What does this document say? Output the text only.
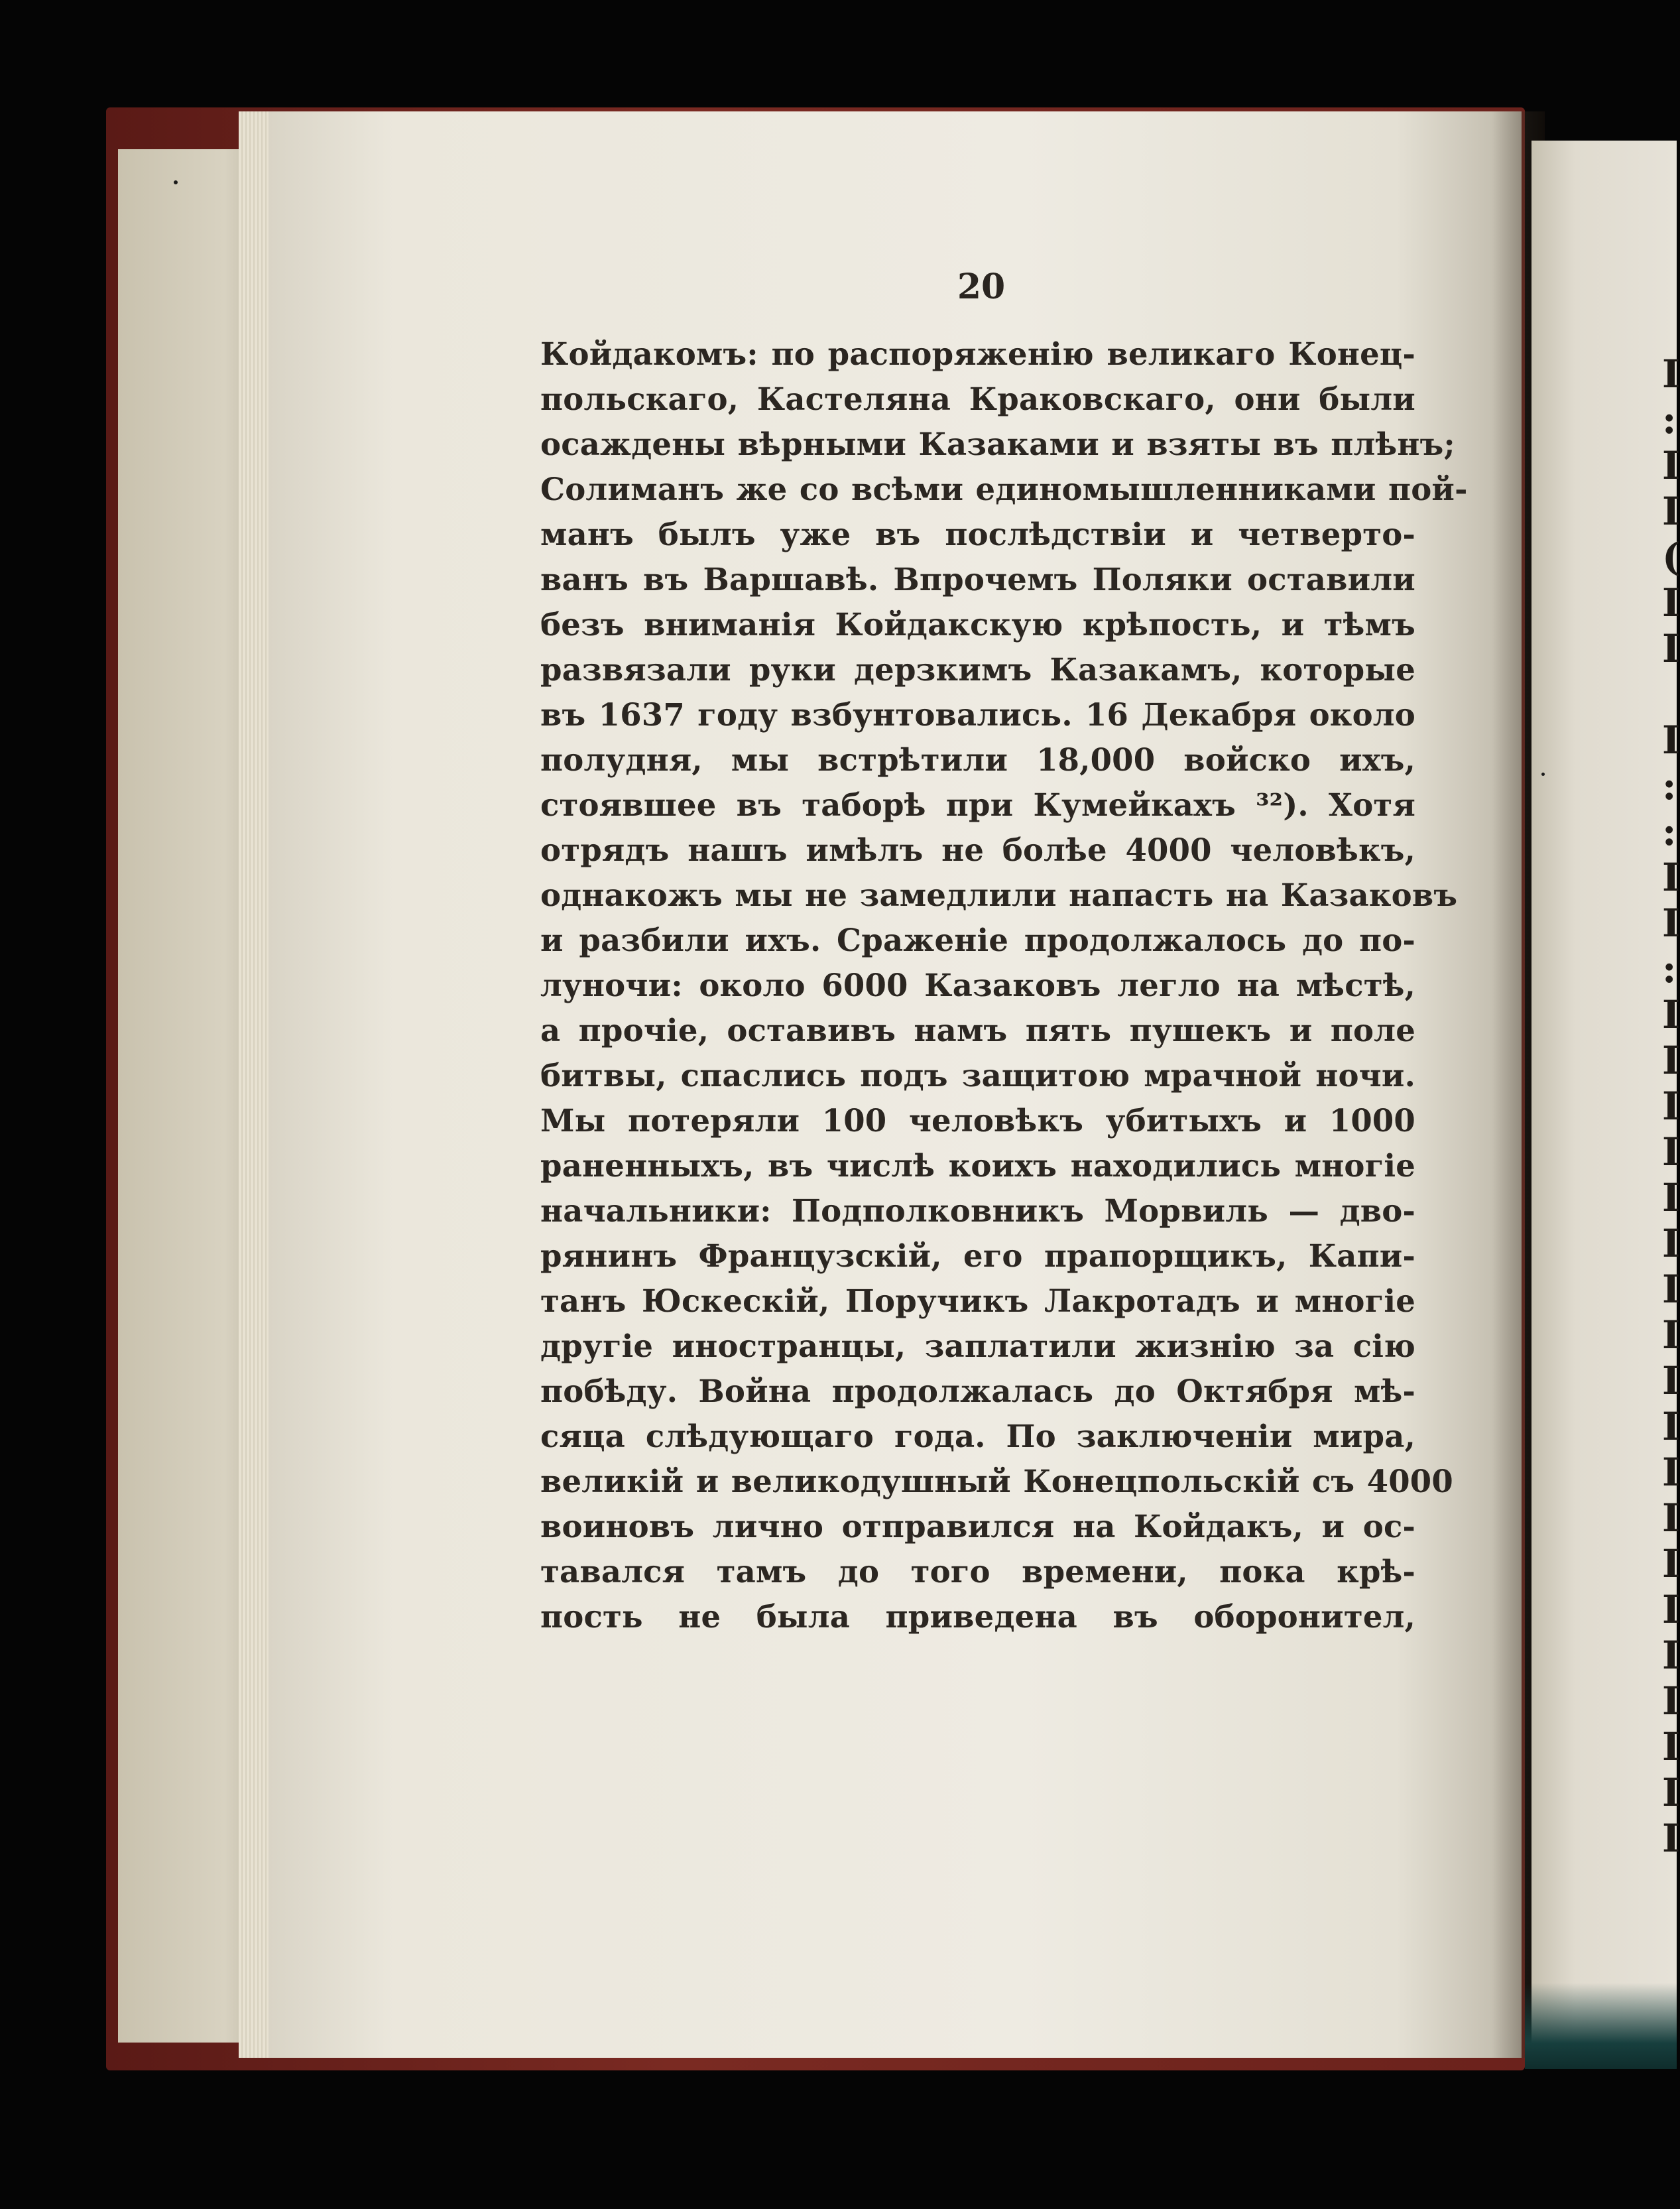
I
:
I
I
(
I
I
I
:
:
I
I
:
I
I
I
I
I
I
I
I
I
I
I
I
I
I
I
I
I
I
I
20
Койдакомъ: по распоряженію великаго Конец-
польскаго, Кастеляна Краковскаго, они были
осаждены вѣрными Казаками и взяты въ плѣнъ;
Солиманъ же со всѣми единомышленниками пой-
манъ былъ уже въ послѣдствіи и четверто-
ванъ въ Варшавѣ. Впрочемъ Поляки оставили
безъ вниманія Койдакскую крѣпость, и тѣмъ
развязали руки дерзкимъ Казакамъ, которые
въ 1637 году взбунтовались. 16 Декабря около
полудня, мы встрѣтили 18,000 войско ихъ,
стоявшее въ таборѣ при Кумейкахъ ³²). Хотя
отрядъ нашъ имѣлъ не болѣе 4000 человѣкъ,
однакожъ мы не замедлили напасть на Казаковъ
и разбили ихъ. Сраженіе продолжалось до по-
луночи: около 6000 Казаковъ легло на мѣстѣ,
а прочіе, оставивъ намъ пять пушекъ и поле
битвы, спаслись подъ защитою мрачной ночи.
Мы потеряли 100 человѣкъ убитыхъ и 1000
раненныхъ, въ числѣ коихъ находились многіе
начальники: Подполковникъ Морвиль — дво-
рянинъ Французскій, его прапорщикъ, Капи-
танъ Юскескій, Поручикъ Лакротадъ и многіе
другіе иностранцы, заплатили жизнію за сію
побѣду. Война продолжалась до Октября мѣ-
сяца слѣдующаго года. По заключеніи мира,
великій и великодушный Конецпольскій съ 4000
воиновъ лично отправился на Койдакъ, и ос-
тавался тамъ до того времени, пока крѣ-
пость не была приведена въ оборонител,
